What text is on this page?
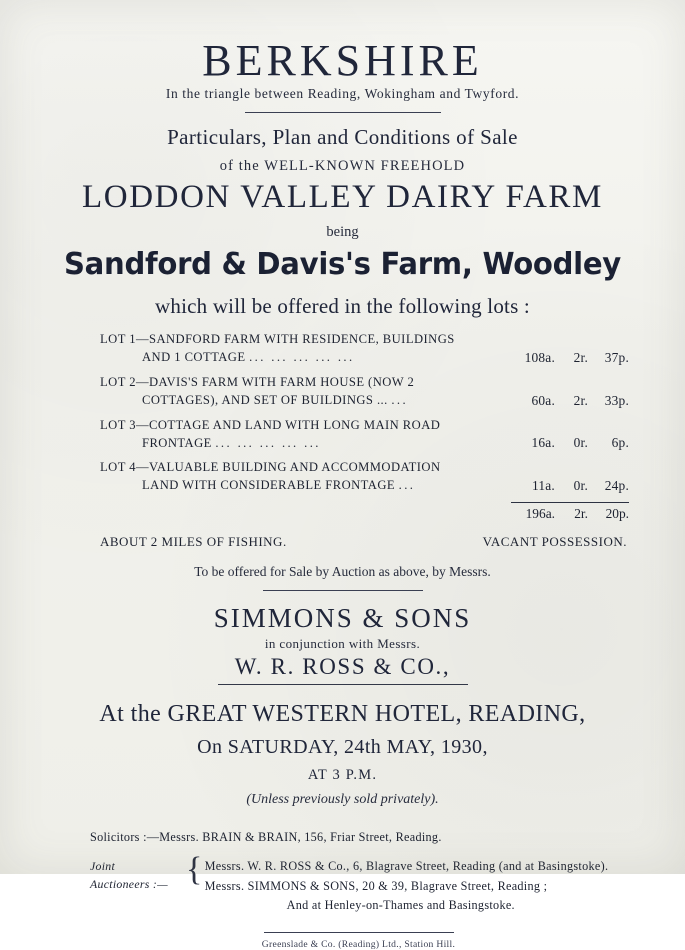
BERKSHIRE
In the triangle between Reading, Wokingham and Twyford.
Particulars, Plan and Conditions of Sale
of the WELL-KNOWN FREEHOLD
LODDON VALLEY DAIRY FARM
being
Sandford & Davis's Farm, Woodley
which will be offered in the following lots :
LOT 1—SANDFORD FARM WITH RESIDENCE, BUILDINGS
AND 1 COTTAGE ... ... ... ... ...	108a.	2r.	37p.
LOT 2—DAVIS'S FARM WITH FARM HOUSE (NOW 2
COTTAGES), AND SET OF BUILDINGS ... ...	60a.	2r.	33p.
LOT 3—COTTAGE AND LAND WITH LONG MAIN ROAD
FRONTAGE ... ... ... ... ...	16a.	0r.	6p.
LOT 4—VALUABLE BUILDING AND ACCOMMODATION
LAND WITH CONSIDERABLE FRONTAGE ...	11a.	0r.	24p.
196a.	2r.	20p.
ABOUT 2 MILES OF FISHING.	VACANT POSSESSION.
To be offered for Sale by Auction as above, by Messrs.
SIMMONS & SONS
in conjunction with Messrs.
W. R. ROSS & CO.,
At the GREAT WESTERN HOTEL, READING,
On SATURDAY, 24th MAY, 1930,
AT 3 P.M.
(Unless previously sold privately).
Solicitors :—Messrs. BRAIN & BRAIN, 156, Friar Street, Reading.
Joint
Auctioneers :— { Messrs. W. R. ROSS & Co., 6, Blagrave Street, Reading (and at Basingstoke).
Messrs. SIMMONS & SONS, 20 & 39, Blagrave Street, Reading ;
And at Henley-on-Thames and Basingstoke.
Greenslade & Co. (Reading) Ltd., Station Hill.
